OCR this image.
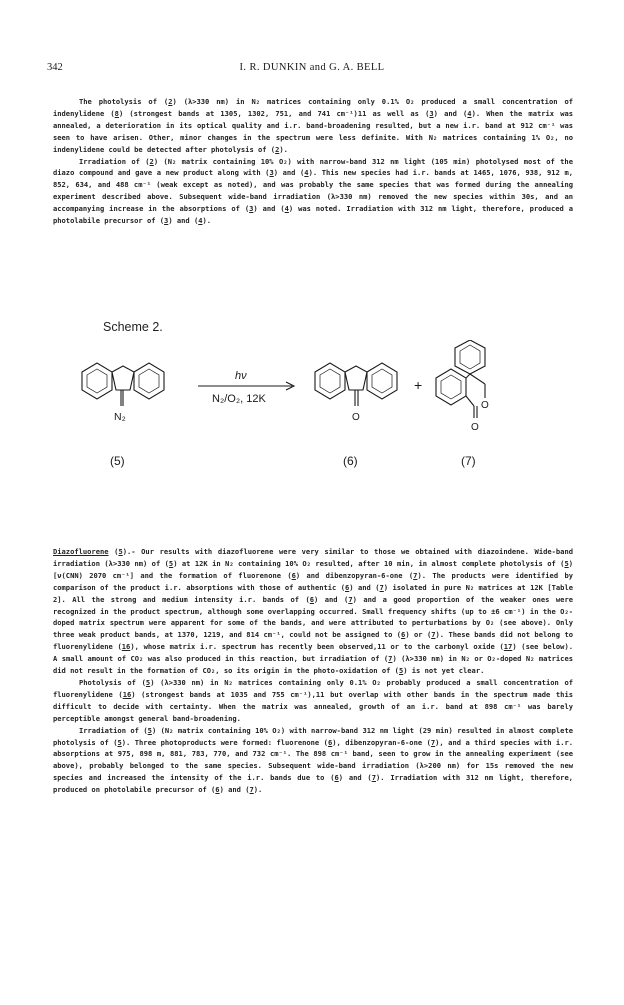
342	I. R. DUNKIN and G. A. BELL

The photolysis of (2) (λ>330 nm) in N₂ matrices containing only 0.1% O₂ produced a small concentration of indenylidene (8) (strongest bands at 1305, 1302, 751, and 741 cm⁻¹)11 as well as (3) and (4). When the matrix was annealed, a deterioration in its optical quality and i.r. band-broadening resulted, but a new i.r. band at 912 cm⁻¹ was seen to have arisen. Other, minor changes in the spectrum were less definite. With N₂ matrices containing 1% O₂, no indenylidene could be detected after photolysis of (2).

Irradiation of (2) (N₂ matrix containing 10% O₂) with narrow-band 312 nm light (105 min) photolysed most of the diazo compound and gave a new product along with (3) and (4). This new species had i.r. bands at 1465, 1076, 938, 912 m, 852, 634, and 488 cm⁻¹ (weak except as noted), and was probably the same species that was formed during the annealing experiment described above. Subsequent wide-band irradiation (λ>330 nm) removed the new species within 30s, and an accompanying increase in the absorptions of (3) and (4) was noted. Irradiation with 312 nm light, therefore, produced a photolabile precursor of (3) and (4).

Scheme 2.
hν
N₂/O₂, 12K
N₂	O
O
O
+
(5)	(6)	(7)

Diazofluorene (5).- Our results with diazofluorene were very similar to those we obtained with diazoindene. Wide-band irradiation (λ>330 nm) of (5) at 12K in N₂ containing 10% O₂ resulted, after 10 min, in almost complete photolysis of (5) [ν(CNN) 2070 cm⁻¹] and the formation of fluorenone (6) and dibenzopyran-6-one (7). The products were identified by comparison of the product i.r. absorptions with those of authentic (6) and (7) isolated in pure N₂ matrices at 12K [Table 2]. All the strong and medium intensity i.r. bands of (6) and (7) and a good proportion of the weaker ones were recognized in the product spectrum, although some overlapping occurred. Small frequency shifts (up to ±6 cm⁻¹) in the O₂-doped matrix spectrum were apparent for some of the bands, and were attributed to perturbations by O₂ (see above). Only three weak product bands, at 1370, 1219, and 814 cm⁻¹, could not be assigned to (6) or (7). These bands did not belong to fluorenylidene (16), whose matrix i.r. spectrum has recently been observed,11 or to the carbonyl oxide (17) (see below). A small amount of CO₂ was also produced in this reaction, but irradiation of (7) (λ>330 nm) in N₂ or O₂-doped N₂ matrices did not result in the formation of CO₂, so its origin in the photo-oxidation of (5) is not yet clear.

Photolysis of (5) (λ>330 nm) in N₂ matrices containing only 0.1% O₂ probably produced a small concentration of fluorenylidene (16) (strongest bands at 1035 and 755 cm⁻¹),11 but overlap with other bands in the spectrum made this difficult to decide with certainty. When the matrix was annealed, growth of an i.r. band at 898 cm⁻¹ was barely perceptible amongst general band-broadening.

Irradiation of (5) (N₂ matrix containing 10% O₂) with narrow-band 312 nm light (29 min) resulted in almost complete photolysis of (5). Three photoproducts were formed: fluorenone (6), dibenzopyran-6-one (7), and a third species with i.r. absorptions at 975, 898 m, 881, 783, 770, and 732 cm⁻¹. The 898 cm⁻¹ band, seen to grow in the annealing experiment (see above), probably belonged to the same species. Subsequent wide-band irradiation (λ>200 nm) for 15s removed the new species and increased the intensity of the i.r. bands due to (6) and (7). Irradiation with 312 nm light, therefore, produced on photolabile precursor of (6) and (7).
